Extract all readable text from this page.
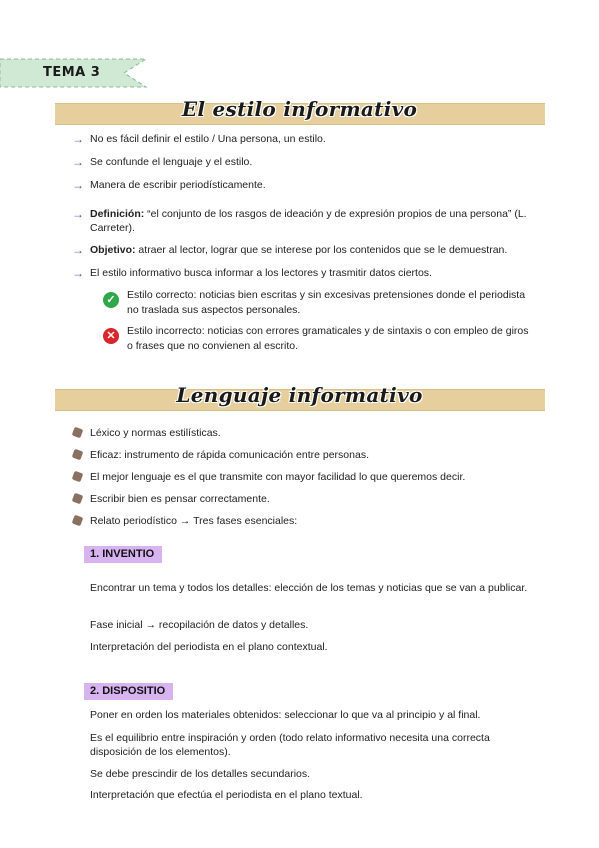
TEMA 3
El estilo informativo
→ No es fácil definir el estilo / Una persona, un estilo.
→ Se confunde el lenguaje y el estilo.
→ Manera de escribir periodísticamente.
→ Definición: “el conjunto de los rasgos de ideación y de expresión propios de una persona” (L. Carreter).
→ Objetivo: atraer al lector, lograr que se interese por los contenidos que se le demuestran.
→ El estilo informativo busca informar a los lectores y trasmitir datos ciertos.
✓	Estilo correcto: noticias bien escritas y sin excesivas pretensiones donde el periodista no traslada sus aspectos personales.
✕	Estilo incorrecto: noticias con errores gramaticales y de sintaxis o con empleo de giros o frases que no convienen al escrito.
Lenguaje informativo
Léxico y normas estilísticas.
Eficaz: instrumento de rápida comunicación entre personas.
El mejor lenguaje es el que transmite con mayor facilidad lo que queremos decir.
Escribir bien es pensar correctamente.
Relato periodístico → Tres fases esenciales:
1. INVENTIO
Encontrar un tema y todos los detalles: elección de los temas y noticias que se van a publicar.
Fase inicial → recopilación de datos y detalles.
Interpretación del periodista en el plano contextual.
2. DISPOSITIO
Poner en orden los materiales obtenidos: seleccionar lo que va al principio y al final.
Es el equilibrio entre inspiración y orden (todo relato informativo necesita una correcta disposición de los elementos).
Se debe prescindir de los detalles secundarios.
Interpretación que efectúa el periodista en el plano textual.
